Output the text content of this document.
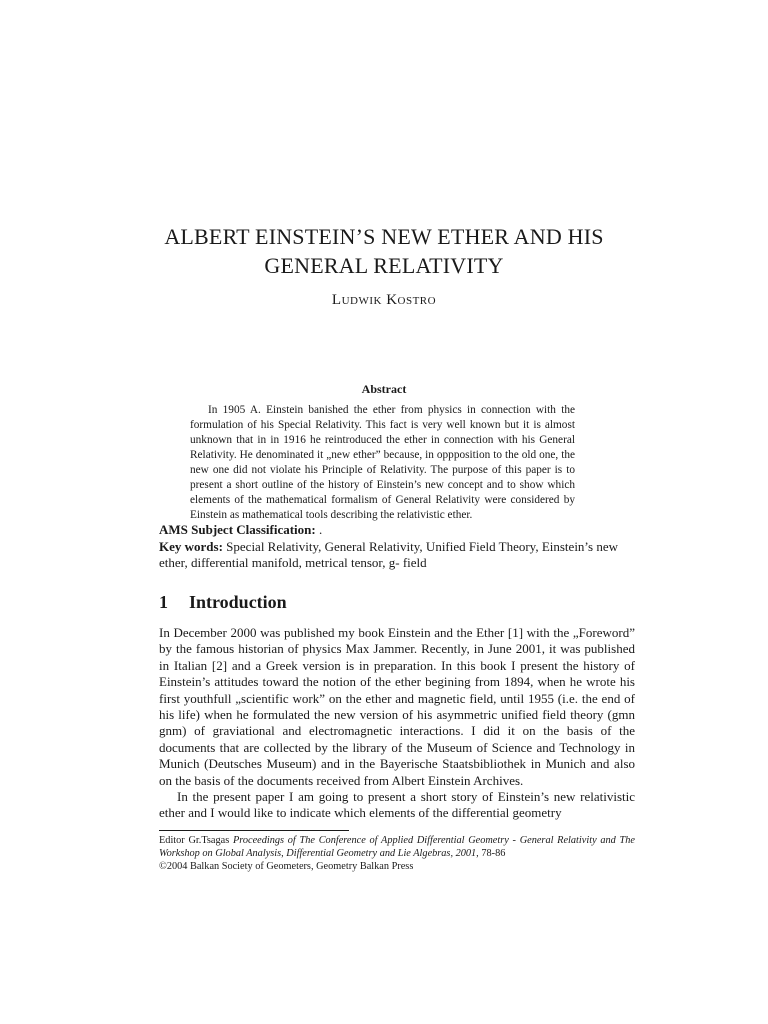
ALBERT EINSTEIN’S NEW ETHER AND HIS
GENERAL RELATIVITY
Ludwik Kostro
Abstract

In 1905 A. Einstein banished the ether from physics in connection with the formulation of his Special Relativity. This fact is very well known but it is almost unknown that in in 1916 he reintroduced the ether in connection with his General Relativity. He denominated it „new ether” because, in oppposition to the old one, the new one did not violate his Principle of Relativity. The purpose of this paper is to present a short outline of the history of Einstein’s new concept and to show which elements of the mathematical formalism of General Relativity were considered by Einstein as mathematical tools describing the relativistic ether.

AMS Subject Classification: .

Key words: Special Relativity, General Relativity, Unified Field Theory, Einstein’s new ether, differential manifold, metrical tensor, g- field

1 Introduction

In December 2000 was published my book Einstein and the Ether [1] with the „Foreword” by the famous historian of physics Max Jammer. Recently, in June 2001, it was published in Italian [2] and a Greek version is in preparation. In this book I present the history of Einstein’s attitudes toward the notion of the ether begining from 1894, when he wrote his first youthfull „scientific work” on the ether and magnetic field, until 1955 (i.e. the end of his life) when he formulated the new version of his asymmetric unified field theory (gmn gnm) of graviational and electromagnetic interactions. I did it on the basis of the documents that are collected by the library of the Museum of Science and Technology in Munich (Deutsches Museum) and in the Bayerische Staatsbibliothek in Munich and also on the basis of the documents received from Albert Einstein Archives.

In the present paper I am going to present a short story of Einstein’s new relativistic ether and I would like to indicate which elements of the differential geometry

Editor Gr.Tsagas Proceedings of The Conference of Applied Differential Geometry - General Relativity and The Workshop on Global Analysis, Differential Geometry and Lie Algebras, 2001, 78-86

©2004 Balkan Society of Geometers, Geometry Balkan Press
